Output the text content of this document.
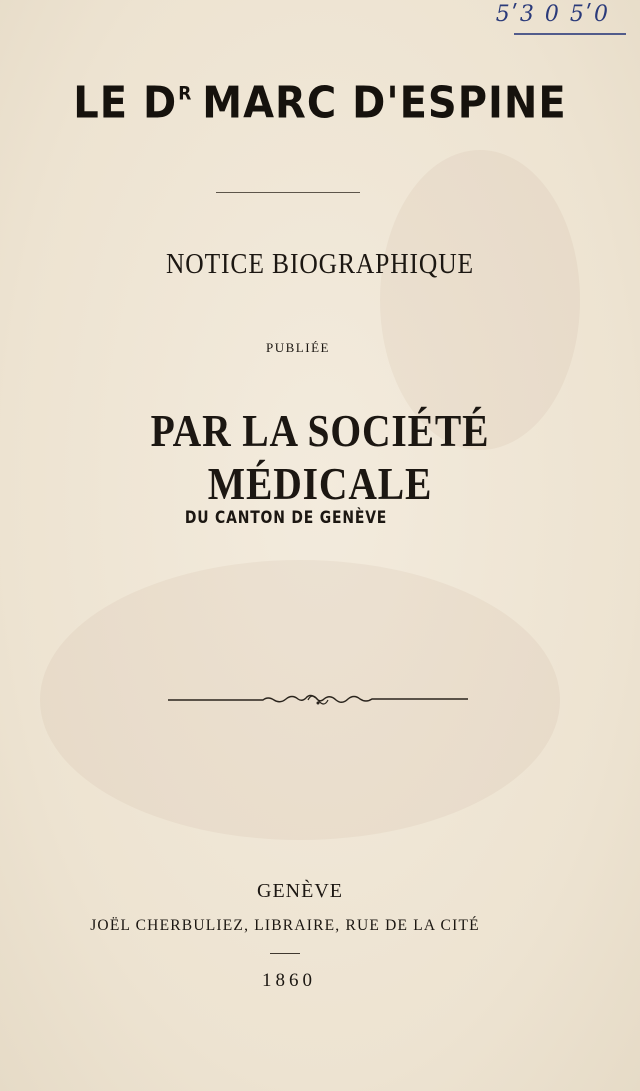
5ʹ3 0 5ʹ0
LE $D^R$ MARC D'ESPINE
NOTICE BIOGRAPHIQUE
PUBLIÉE
PAR LA SOCIÉTÉ MÉDICALE
DU CANTON DE GENÈVE
GENÈVE
JOËL CHERBULIEZ, LIBRAIRE, RUE DE LA CITÉ
1860
